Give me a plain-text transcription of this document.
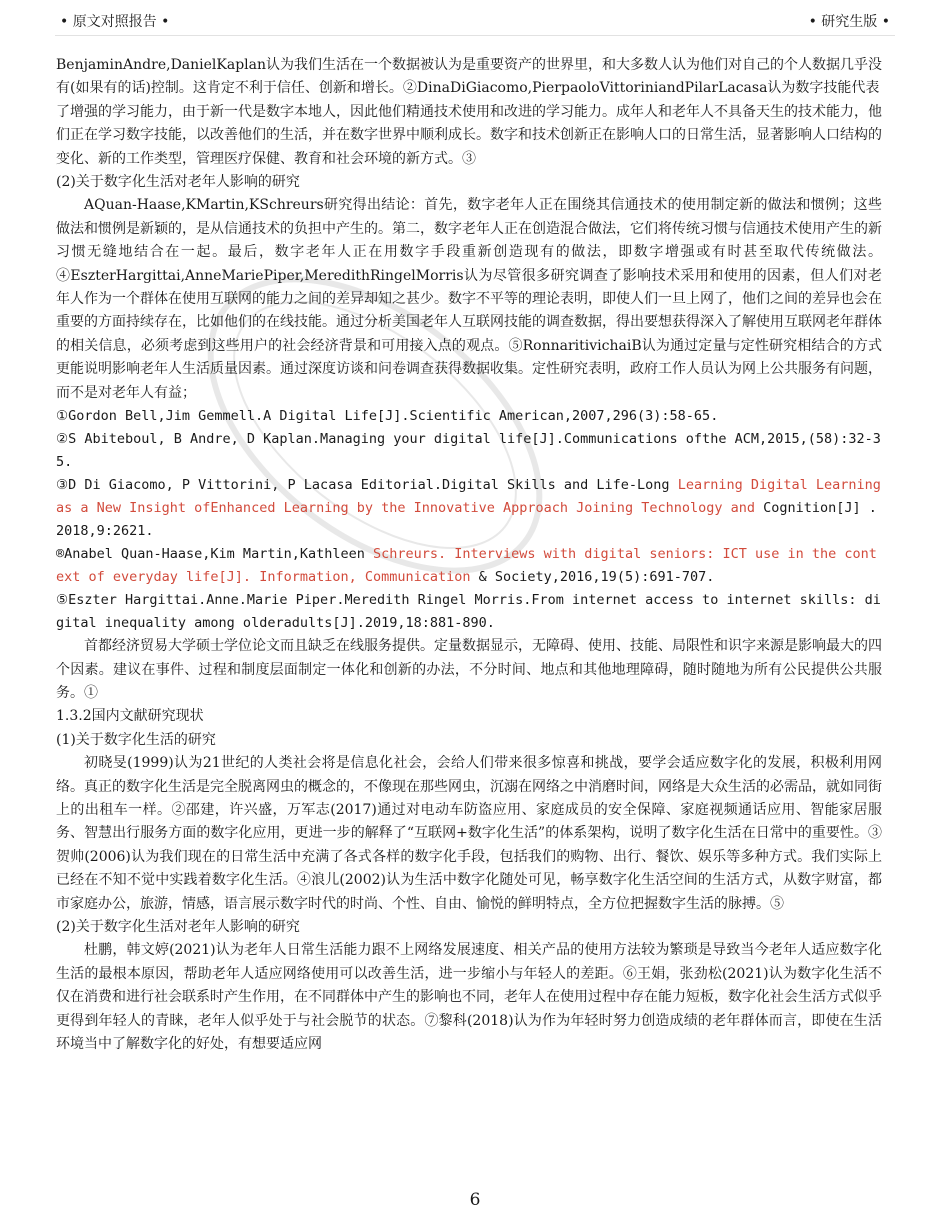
• 原文对照报告 •	• 研究生版 •

BenjaminAndre,DanielKaplan认为我们生活在一个数据被认为是重要资产的世界里，和大多数人认为他们对自己的个人数据几乎没有(如果有的话)控制。这肯定不利于信任、创新和增长。②DinaDiGiacomo,PierpaoloVittoriniandPilarLacasa认为数字技能代表了增强的学习能力，由于新一代是数字本地人，因此他们精通技术使用和改进的学习能力。成年人和老年人不具备天生的技术能力，他们正在学习数字技能，以改善他们的生活，并在数字世界中顺利成长。数字和技术创新正在影响人口的日常生活，显著影响人口结构的变化、新的工作类型，管理医疗保健、教育和社会环境的新方式。③

(2)关于数字化生活对老年人影响的研究

AQuan-Haase,KMartin,KSchreurs研究得出结论：首先，数字老年人正在围绕其信通技术的使用制定新的做法和惯例；这些做法和惯例是新颖的，是从信通技术的负担中产生的。第二，数字老年人正在创造混合做法，它们将传统习惯与信通技术使用产生的新习惯无缝地结合在一起。最后，数字老年人正在用数字手段重新创造现有的做法，即数字增强或有时甚至取代传统做法。④EszterHargittai,AnneMariePiper,MeredithRingelMorris认为尽管很多研究调查了影响技术采用和使用的因素，但人们对老年人作为一个群体在使用互联网的能力之间的差异却知之甚少。数字不平等的理论表明，即使人们一旦上网了，他们之间的差异也会在重要的方面持续存在，比如他们的在线技能。通过分析美国老年人互联网技能的调查数据，得出要想获得深入了解使用互联网老年群体的相关信息，必须考虑到这些用户的社会经济背景和可用接入点的观点。⑤RonnaritivichaiB认为通过定量与定性研究相结合的方式更能说明影响老年人生活质量因素。通过深度访谈和问卷调查获得数据收集。定性研究表明，政府工作人员认为网上公共服务有问题，而不是对老年人有益；

①Gordon Bell,Jim Gemmell.A Digital Life[J].Scientific American,2007,296(3):58-65.

②S Abiteboul, B Andre, D Kaplan.Managing your digital life[J].Communications ofthe ACM,2015,(58):32-35.

③D Di Giacomo, P Vittorini, P Lacasa Editorial.Digital Skills and Life-Long Learning Digital Learning as a New Insight ofEnhanced Learning by the Innovative Approach Joining Technology and Cognition[J] .2018,9:2621.

®Anabel Quan-Haase,Kim Martin,Kathleen Schreurs. Interviews with digital seniors: ICT use in the context of everyday life[J]. Information, Communication & Society,2016,19(5):691-707.

⑤Eszter Hargittai.Anne.Marie Piper.Meredith Ringel Morris.From internet access to internet skills: digital inequality among olderadults[J].2019,18:881-890.

首都经济贸易大学硕士学位论文而且缺乏在线服务提供。定量数据显示，无障碍、使用、技能、局限性和识字来源是影响最大的四个因素。建议在事件、过程和制度层面制定一体化和创新的办法，不分时间、地点和其他地理障碍，随时随地为所有公民提供公共服务。①

1.3.2国内文献研究现状

(1)关于数字化生活的研究

初晓旻(1999)认为21世纪的人类社会将是信息化社会，会给人们带来很多惊喜和挑战，要学会适应数字化的发展，积极利用网络。真正的数字化生活是完全脱离网虫的概念的，不像现在那些网虫，沉溺在网络之中消磨时间，网络是大众生活的必需品，就如同街上的出租车一样。②邵建，许兴盛，万军志(2017)通过对电动车防盗应用、家庭成员的安全保障、家庭视频通话应用、智能家居服务、智慧出行服务方面的数字化应用，更进一步的解释了“互联网+数字化生活”的体系架构，说明了数字化生活在日常中的重要性。③贺帅(2006)认为我们现在的日常生活中充满了各式各样的数字化手段，包括我们的购物、出行、餐饮、娱乐等多种方式。我们实际上已经在不知不觉中实践着数字化生活。④浪儿(2002)认为生活中数字化随处可见，畅享数字化生活空间的生活方式，从数字财富，都市家庭办公，旅游，情感，语言展示数字时代的时尚、个性、自由、愉悦的鲜明特点，全方位把握数字生活的脉搏。⑤

(2)关于数字化生活对老年人影响的研究

杜鹏，韩文婷(2021)认为老年人日常生活能力跟不上网络发展速度、相关产品的使用方法较为繁琐是导致当今老年人适应数字化生活的最根本原因，帮助老年人适应网络使用可以改善生活，进一步缩小与年轻人的差距。⑥王娟，张劲松(2021)认为数字化生活不仅在消费和进行社会联系时产生作用，在不同群体中产生的影响也不同，老年人在使用过程中存在能力短板，数字化社会生活方式似乎更得到年轻人的青睐，老年人似乎处于与社会脱节的状态。⑦黎科(2018)认为作为年轻时努力创造成绩的老年群体而言，即使在生活环境当中了解数字化的好处，有想要适应网

6
